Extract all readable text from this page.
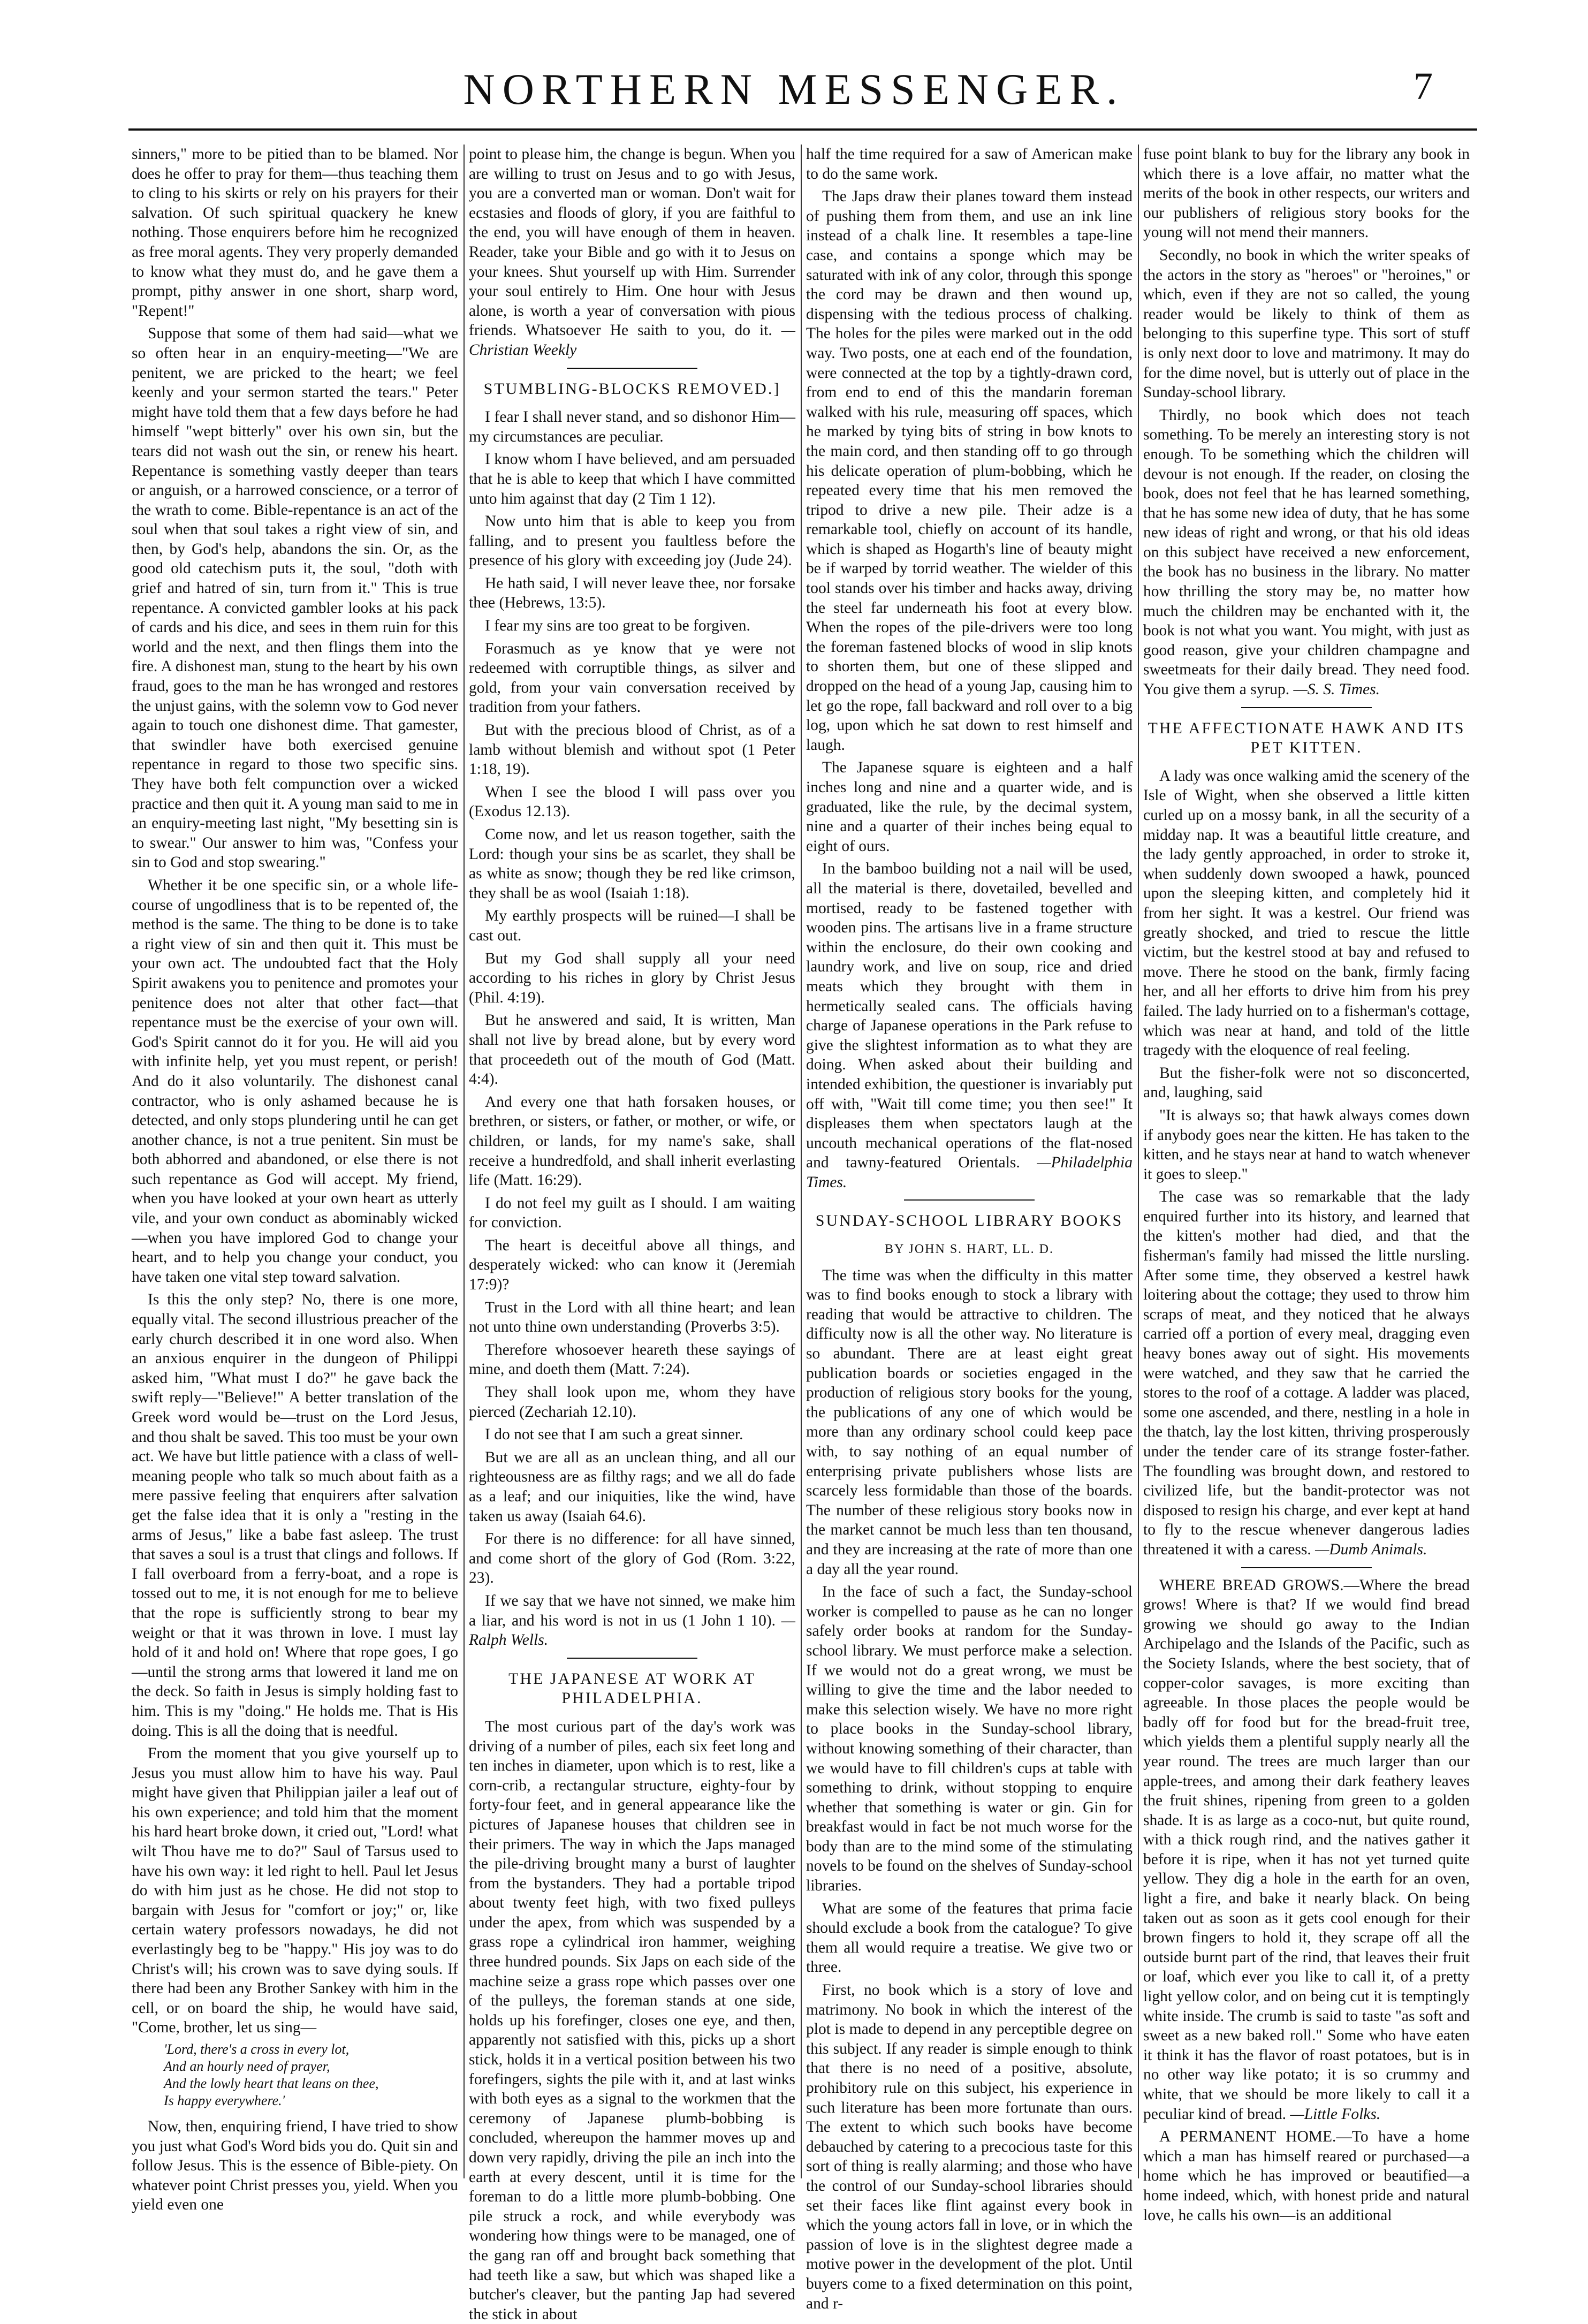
NORTHERN MESSENGER.	7

sinners," more to be pitied than to be blamed. Nor does he offer to pray for them—thus teaching them to cling to his skirts or rely on his prayers for their salvation. Of such spiritual quackery he knew nothing. Those enquirers before him he recognized as free moral agents. They very properly demanded to know what they must do, and he gave them a prompt, pithy answer in one short, sharp word, "Repent!"

Suppose that some of them had said—what we so often hear in an enquiry-meeting—"We are penitent, we are pricked to the heart; we feel keenly and your sermon started the tears." Peter might have told them that a few days before he had himself "wept bitterly" over his own sin, but the tears did not wash out the sin, or renew his heart. Repentance is something vastly deeper than tears or anguish, or a harrowed conscience, or a terror of the wrath to come. Bible-repentance is an act of the soul when that soul takes a right view of sin, and then, by God's help, abandons the sin. Or, as the good old catechism puts it, the soul, "doth with grief and hatred of sin, turn from it." This is true repentance. A convicted gambler looks at his pack of cards and his dice, and sees in them ruin for this world and the next, and then flings them into the fire. A dishonest man, stung to the heart by his own fraud, goes to the man he has wronged and restores the unjust gains, with the solemn vow to God never again to touch one dishonest dime. That gamester, that swindler have both exercised genuine repentance in regard to those two specific sins. They have both felt compunction over a wicked practice and then quit it. A young man said to me in an enquiry-meeting last night, "My besetting sin is to swear." Our answer to him was, "Confess your sin to God and stop swearing."

Whether it be one specific sin, or a whole life-course of ungodliness that is to be repented of, the method is the same. The thing to be done is to take a right view of sin and then quit it. This must be your own act. The undoubted fact that the Holy Spirit awakens you to penitence and promotes your penitence does not alter that other fact—that repentance must be the exercise of your own will. God's Spirit cannot do it for you. He will aid you with infinite help, yet you must repent, or perish! And do it also voluntarily. The dishonest canal contractor, who is only ashamed because he is detected, and only stops plundering until he can get another chance, is not a true penitent. Sin must be both abhorred and abandoned, or else there is not such repentance as God will accept. My friend, when you have looked at your own heart as utterly vile, and your own conduct as abominably wicked—when you have implored God to change your heart, and to help you change your conduct, you have taken one vital step toward salvation.

Is this the only step? No, there is one more, equally vital. The second illustrious preacher of the early church described it in one word also. When an anxious enquirer in the dungeon of Philippi asked him, "What must I do?" he gave back the swift reply—"Believe!" A better translation of the Greek word would be—trust on the Lord Jesus, and thou shalt be saved. This too must be your own act. We have but little patience with a class of well-meaning people who talk so much about faith as a mere passive feeling that enquirers after salvation get the false idea that it is only a "resting in the arms of Jesus," like a babe fast asleep. The trust that saves a soul is a trust that clings and follows. If I fall overboard from a ferry-boat, and a rope is tossed out to me, it is not enough for me to believe that the rope is sufficiently strong to bear my weight or that it was thrown in love. I must lay hold of it and hold on! Where that rope goes, I go—until the strong arms that lowered it land me on the deck. So faith in Jesus is simply holding fast to him. This is my "doing." He holds me. That is His doing. This is all the doing that is needful.

From the moment that you give yourself up to Jesus you must allow him to have his way. Paul might have given that Philippian jailer a leaf out of his own experience; and told him that the moment his hard heart broke down, it cried out, "Lord! what wilt Thou have me to do?" Saul of Tarsus used to have his own way: it led right to hell. Paul let Jesus do with him just as he chose. He did not stop to bargain with Jesus for "comfort or joy;" or, like certain watery professors nowadays, he did not everlastingly beg to be "happy." His joy was to do Christ's will; his crown was to save dying souls. If there had been any Brother Sankey with him in the cell, or on board the ship, he would have said, "Come, brother, let us sing—

'Lord, there's a cross in every lot,
And an hourly need of prayer,
And the lowly heart that leans on thee,
Is happy everywhere.'

Now, then, enquiring friend, I have tried to show you just what God's Word bids you do. Quit sin and follow Jesus. This is the essence of Bible-piety. On whatever point Christ presses you, yield. When you yield even one

point to please him, the change is begun. When you are willing to trust on Jesus and to go with Jesus, you are a converted man or woman. Don't wait for ecstasies and floods of glory, if you are faithful to the end, you will have enough of them in heaven. Reader, take your Bible and go with it to Jesus on your knees. Shut yourself up with Him. Surrender your soul entirely to Him. One hour with Jesus alone, is worth a year of conversation with pious friends. Whatsoever He saith to you, do it. —Christian Weekly

STUMBLING-BLOCKS REMOVED.]

I fear I shall never stand, and so dishonor Him—my circumstances are peculiar.

I know whom I have believed, and am persuaded that he is able to keep that which I have committed unto him against that day (2 Tim 1 12).

Now unto him that is able to keep you from falling, and to present you faultless before the presence of his glory with exceeding joy (Jude 24).

He hath said, I will never leave thee, nor forsake thee (Hebrews, 13:5).

I fear my sins are too great to be forgiven.

Forasmuch as ye know that ye were not redeemed with corruptible things, as silver and gold, from your vain conversation received by tradition from your fathers.

But with the precious blood of Christ, as of a lamb without blemish and without spot (1 Peter 1:18, 19).

When I see the blood I will pass over you (Exodus 12.13).

Come now, and let us reason together, saith the Lord: though your sins be as scarlet, they shall be as white as snow; though they be red like crimson, they shall be as wool (Isaiah 1:18).

My earthly prospects will be ruined—I shall be cast out.

But my God shall supply all your need according to his riches in glory by Christ Jesus (Phil. 4:19).

But he answered and said, It is written, Man shall not live by bread alone, but by every word that proceedeth out of the mouth of God (Matt. 4:4).

And every one that hath forsaken houses, or brethren, or sisters, or father, or mother, or wife, or children, or lands, for my name's sake, shall receive a hundredfold, and shall inherit everlasting life (Matt. 16:29).

I do not feel my guilt as I should. I am waiting for conviction.

The heart is deceitful above all things, and desperately wicked: who can know it (Jeremiah 17:9)?

Trust in the Lord with all thine heart; and lean not unto thine own understanding (Proverbs 3:5).

Therefore whosoever heareth these sayings of mine, and doeth them (Matt. 7:24).

They shall look upon me, whom they have pierced (Zechariah 12.10).

I do not see that I am such a great sinner.

But we are all as an unclean thing, and all our righteousness are as filthy rags; and we all do fade as a leaf; and our iniquities, like the wind, have taken us away (Isaiah 64.6).

For there is no difference: for all have sinned, and come short of the glory of God (Rom. 3:22, 23).

If we say that we have not sinned, we make him a liar, and his word is not in us (1 John 1 10). —Ralph Wells.

THE JAPANESE AT WORK AT PHILADELPHIA.

The most curious part of the day's work was driving of a number of piles, each six feet long and ten inches in diameter, upon which is to rest, like a corn-crib, a rectangular structure, eighty-four by forty-four feet, and in general appearance like the pictures of Japanese houses that children see in their primers. The way in which the Japs managed the pile-driving brought many a burst of laughter from the bystanders. They had a portable tripod about twenty feet high, with two fixed pulleys under the apex, from which was suspended by a grass rope a cylindrical iron hammer, weighing three hundred pounds. Six Japs on each side of the machine seize a grass rope which passes over one of the pulleys, the foreman stands at one side, holds up his forefinger, closes one eye, and then, apparently not satisfied with this, picks up a short stick, holds it in a vertical position between his two forefingers, sights the pile with it, and at last winks with both eyes as a signal to the workmen that the ceremony of Japanese plumb-bobbing is concluded, whereupon the hammer moves up and down very rapidly, driving the pile an inch into the earth at every descent, until it is time for the foreman to do a little more plumb-bobbing. One pile struck a rock, and while everybody was wondering how things were to be managed, one of the gang ran off and brought back something that had teeth like a saw, but which was shaped like a butcher's cleaver, but the panting Jap had severed the stick in about

half the time required for a saw of American make to do the same work.

The Japs draw their planes toward them instead of pushing them from them, and use an ink line instead of a chalk line. It resembles a tape-line case, and contains a sponge which may be saturated with ink of any color, through this sponge the cord may be drawn and then wound up, dispensing with the tedious process of chalking. The holes for the piles were marked out in the odd way. Two posts, one at each end of the foundation, were connected at the top by a tightly-drawn cord, from end to end of this the mandarin foreman walked with his rule, measuring off spaces, which he marked by tying bits of string in bow knots to the main cord, and then standing off to go through his delicate operation of plum-bobbing, which he repeated every time that his men removed the tripod to drive a new pile. Their adze is a remarkable tool, chiefly on account of its handle, which is shaped as Hogarth's line of beauty might be if warped by torrid weather. The wielder of this tool stands over his timber and hacks away, driving the steel far underneath his foot at every blow. When the ropes of the pile-drivers were too long the foreman fastened blocks of wood in slip knots to shorten them, but one of these slipped and dropped on the head of a young Jap, causing him to let go the rope, fall backward and roll over to a big log, upon which he sat down to rest himself and laugh.

The Japanese square is eighteen and a half inches long and nine and a quarter wide, and is graduated, like the rule, by the decimal system, nine and a quarter of their inches being equal to eight of ours.

In the bamboo building not a nail will be used, all the material is there, dovetailed, bevelled and mortised, ready to be fastened together with wooden pins. The artisans live in a frame structure within the enclosure, do their own cooking and laundry work, and live on soup, rice and dried meats which they brought with them in hermetically sealed cans. The officials having charge of Japanese operations in the Park refuse to give the slightest information as to what they are doing. When asked about their building and intended exhibition, the questioner is invariably put off with, "Wait till come time; you then see!" It displeases them when spectators laugh at the uncouth mechanical operations of the flat-nosed and tawny-featured Orientals. —Philadelphia Times.

SUNDAY-SCHOOL LIBRARY BOOKS
BY JOHN S. HART, LL. D.

The time was when the difficulty in this matter was to find books enough to stock a library with reading that would be attractive to children. The difficulty now is all the other way. No literature is so abundant. There are at least eight great publication boards or societies engaged in the production of religious story books for the young, the publications of any one of which would be more than any ordinary school could keep pace with, to say nothing of an equal number of enterprising private publishers whose lists are scarcely less formidable than those of the boards. The number of these religious story books now in the market cannot be much less than ten thousand, and they are increasing at the rate of more than one a day all the year round.

In the face of such a fact, the Sunday-school worker is compelled to pause as he can no longer safely order books at random for the Sunday-school library. We must perforce make a selection. If we would not do a great wrong, we must be willing to give the time and the labor needed to make this selection wisely. We have no more right to place books in the Sunday-school library, without knowing something of their character, than we would have to fill children's cups at table with something to drink, without stopping to enquire whether that something is water or gin. Gin for breakfast would in fact be not much worse for the body than are to the mind some of the stimulating novels to be found on the shelves of Sunday-school libraries.

What are some of the features that prima facie should exclude a book from the catalogue? To give them all would require a treatise. We give two or three.

First, no book which is a story of love and matrimony. No book in which the interest of the plot is made to depend in any perceptible degree on this subject. If any reader is simple enough to think that there is no need of a positive, absolute, prohibitory rule on this subject, his experience in such literature has been more fortunate than ours. The extent to which such books have become debauched by catering to a precocious taste for this sort of thing is really alarming; and those who have the control of our Sunday-school libraries should set their faces like flint against every book in which the young actors fall in love, or in which the passion of love is in the slightest degree made a motive power in the development of the plot. Until buyers come to a fixed determination on this point, and r-

fuse point blank to buy for the library any book in which there is a love affair, no matter what the merits of the book in other respects, our writers and our publishers of religious story books for the young will not mend their manners.

Secondly, no book in which the writer speaks of the actors in the story as "heroes" or "heroines," or which, even if they are not so called, the young reader would be likely to think of them as belonging to this superfine type. This sort of stuff is only next door to love and matrimony. It may do for the dime novel, but is utterly out of place in the Sunday-school library.

Thirdly, no book which does not teach something. To be merely an interesting story is not enough. To be something which the children will devour is not enough. If the reader, on closing the book, does not feel that he has learned something, that he has some new idea of duty, that he has some new ideas of right and wrong, or that his old ideas on this subject have received a new enforcement, the book has no business in the library. No matter how thrilling the story may be, no matter how much the children may be enchanted with it, the book is not what you want. You might, with just as good reason, give your children champagne and sweetmeats for their daily bread. They need food. You give them a syrup. —S. S. Times.

THE AFFECTIONATE HAWK AND ITS PET KITTEN.

A lady was once walking amid the scenery of the Isle of Wight, when she observed a little kitten curled up on a mossy bank, in all the security of a midday nap. It was a beautiful little creature, and the lady gently approached, in order to stroke it, when suddenly down swooped a hawk, pounced upon the sleeping kitten, and completely hid it from her sight. It was a kestrel. Our friend was greatly shocked, and tried to rescue the little victim, but the kestrel stood at bay and refused to move. There he stood on the bank, firmly facing her, and all her efforts to drive him from his prey failed. The lady hurried on to a fisherman's cottage, which was near at hand, and told of the little tragedy with the eloquence of real feeling.

But the fisher-folk were not so disconcerted, and, laughing, said

"It is always so; that hawk always comes down if anybody goes near the kitten. He has taken to the kitten, and he stays near at hand to watch whenever it goes to sleep."

The case was so remarkable that the lady enquired further into its history, and learned that the kitten's mother had died, and that the fisherman's family had missed the little nursling. After some time, they observed a kestrel hawk loitering about the cottage; they used to throw him scraps of meat, and they noticed that he always carried off a portion of every meal, dragging even heavy bones away out of sight. His movements were watched, and they saw that he carried the stores to the roof of a cottage. A ladder was placed, some one ascended, and there, nestling in a hole in the thatch, lay the lost kitten, thriving prosperously under the tender care of its strange foster-father. The foundling was brought down, and restored to civilized life, but the bandit-protector was not disposed to resign his charge, and ever kept at hand to fly to the rescue whenever dangerous ladies threatened it with a caress. —Dumb Animals.

WHERE BREAD GROWS.—Where the bread grows! Where is that? If we would find bread growing we should go away to the Indian Archipelago and the Islands of the Pacific, such as the Society Islands, where the best society, that of copper-color savages, is more exciting than agreeable. In those places the people would be badly off for food but for the bread-fruit tree, which yields them a plentiful supply nearly all the year round. The trees are much larger than our apple-trees, and among their dark feathery leaves the fruit shines, ripening from green to a golden shade. It is as large as a coco-nut, but quite round, with a thick rough rind, and the natives gather it before it is ripe, when it has not yet turned quite yellow. They dig a hole in the earth for an oven, light a fire, and bake it nearly black. On being taken out as soon as it gets cool enough for their brown fingers to hold it, they scrape off all the outside burnt part of the rind, that leaves their fruit or loaf, which ever you like to call it, of a pretty light yellow color, and on being cut it is temptingly white inside. The crumb is said to taste "as soft and sweet as a new baked roll." Some who have eaten it think it has the flavor of roast potatoes, but is in no other way like potato; it is so crummy and white, that we should be more likely to call it a peculiar kind of bread. —Little Folks.

A PERMANENT HOME.—To have a home which a man has himself reared or purchased—a home which he has improved or beautified—a home indeed, which, with honest pride and natural love, he calls his own—is an additional
